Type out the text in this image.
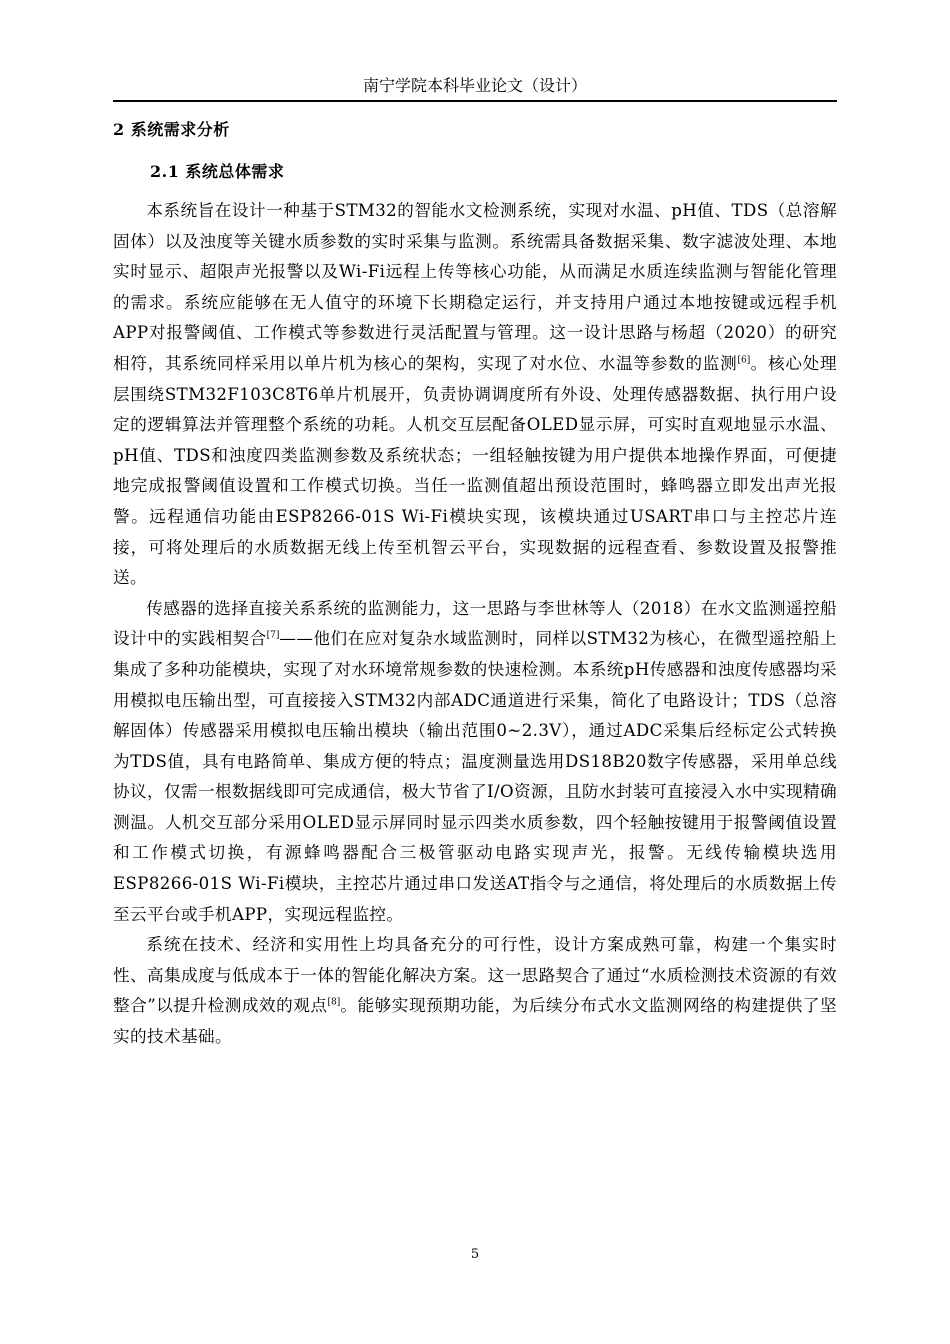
南宁学院本科毕业论文（设计）
2 系统需求分析
2.1 系统总体需求

本系统旨在设计一种基于STM32的智能水文检测系统，实现对水温、pH值、TDS（总溶解固体）以及浊度等关键水质参数的实时采集与监测。系统需具备数据采集、数字滤波处理、本地实时显示、超限声光报警以及Wi-Fi远程上传等核心功能，从而满足水质连续监测与智能化管理的需求。系统应能够在无人值守的环境下长期稳定运行，并支持用户通过本地按键或远程手机APP对报警阈值、工作模式等参数进行灵活配置与管理。这一设计思路与杨超（2020）的研究相符，其系统同样采用以单片机为核心的架构，实现了对水位、水温等参数的监测[6]。核心处理层围绕STM32F103C8T6单片机展开，负责协调调度所有外设、处理传感器数据、执行用户设定的逻辑算法并管理整个系统的功耗。人机交互层配备OLED显示屏，可实时直观地显示水温、pH值、TDS和浊度四类监测参数及系统状态；一组轻触按键为用户提供本地操作界面，可便捷地完成报警阈值设置和工作模式切换。当任一监测值超出预设范围时，蜂鸣器立即发出声光报警。远程通信功能由ESP8266-01S Wi-Fi模块实现，该模块通过USART串口与主控芯片连接，可将处理后的水质数据无线上传至机智云平台，实现数据的远程查看、参数设置及报警推送。

传感器的选择直接关系系统的监测能力，这一思路与李世林等人（2018）在水文监测遥控船设计中的实践相契合[7]——他们在应对复杂水域监测时，同样以STM32为核心，在微型遥控船上集成了多种功能模块，实现了对水环境常规参数的快速检测。本系统pH传感器和浊度传感器均采用模拟电压输出型，可直接接入STM32内部ADC通道进行采集，简化了电路设计；TDS（总溶解固体）传感器采用模拟电压输出模块（输出范围0~2.3V），通过ADC采集后经标定公式转换为TDS值，具有电路简单、集成方便的特点；温度测量选用DS18B20数字传感器，采用单总线协议，仅需一根数据线即可完成通信，极大节省了I/O资源，且防水封装可直接浸入水中实现精确测温。人机交互部分采用OLED显示屏同时显示四类水质参数，四个轻触按键用于报警阈值设置和工作模式切换，有源蜂鸣器配合三极管驱动电路实现声光，报警。无线传输模块选用ESP8266-01S Wi-Fi模块，主控芯片通过串口发送AT指令与之通信，将处理后的水质数据上传至云平台或手机APP，实现远程监控。

系统在技术、经济和实用性上均具备充分的可行性，设计方案成熟可靠，构建一个集实时性、高集成度与低成本于一体的智能化解决方案。这一思路契合了通过“水质检测技术资源的有效整合”以提升检测成效的观点[8]。能够实现预期功能，为后续分布式水文监测网络的构建提供了坚实的技术基础。

5
